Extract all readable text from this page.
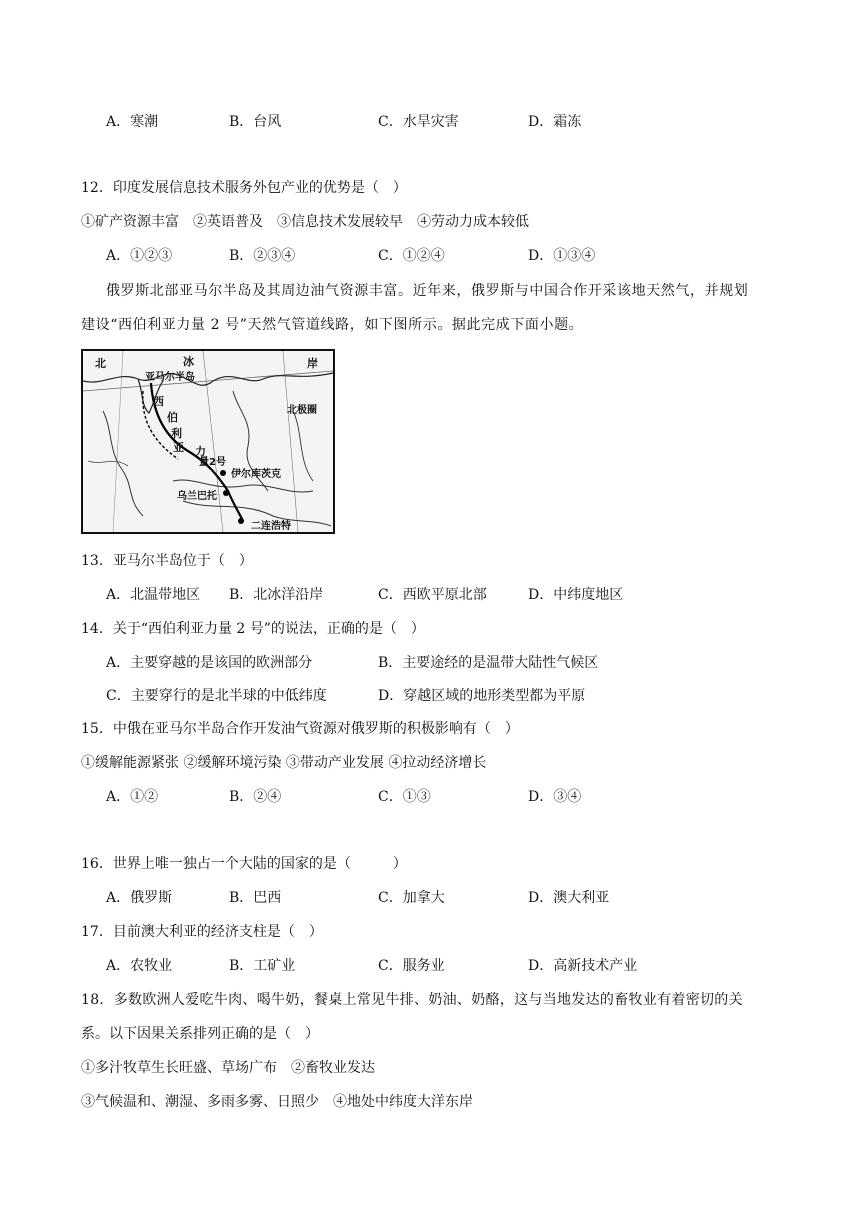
A．寒潮	B．台风	C．水旱灾害	D．霜冻
12．印度发展信息技术服务外包产业的优势是（　）
①矿产资源丰富　②英语普及　③信息技术发展较早　④劳动力成本较低
A．①②③	B．②③④	C．①②④	D．①③④
俄罗斯北部亚马尔半岛及其周边油气资源丰富。近年来，俄罗斯与中国合作开采该地天然气，并规划
建设“西伯利亚力量 2 号”天然气管道线路，如下图所示。据此完成下面小题。
北	冰	岸
亚马尔半岛
西
伯
利
亚 力
量2号
北极圈
伊尔库茨克
乌兰巴托
二连浩特
13．亚马尔半岛位于（　）
A．北温带地区 B．北冰洋沿岸	C．西欧平原北部	D．中纬度地区
14．关于“西伯利亚力量 2 号”的说法，正确的是（　）
A．主要穿越的是该国的欧洲部分	B．主要途经的是温带大陆性气候区
C．主要穿行的是北半球的中低纬度	D．穿越区域的地形类型都为平原
15．中俄在亚马尔半岛合作开发油气资源对俄罗斯的积极影响有（　）
①缓解能源紧张 ②缓解环境污染 ③带动产业发展 ④拉动经济增长
A．①②	B．②④	C．①③	D．③④
16．世界上唯一独占一个大陆的国家的是（　　　）
A．俄罗斯	B．巴西	C．加拿大	D．澳大利亚
17．目前澳大利亚的经济支柱是（　）
A．农牧业	B．工矿业	C．服务业	D．高新技术产业
18．多数欧洲人爱吃牛肉、喝牛奶，餐桌上常见牛排、奶油、奶酪，这与当地发达的畜牧业有着密切的关
系。以下因果关系排列正确的是（　）
①多汁牧草生长旺盛、草场广布　②畜牧业发达
③气候温和、潮湿、多雨多雾、日照少　④地处中纬度大洋东岸
